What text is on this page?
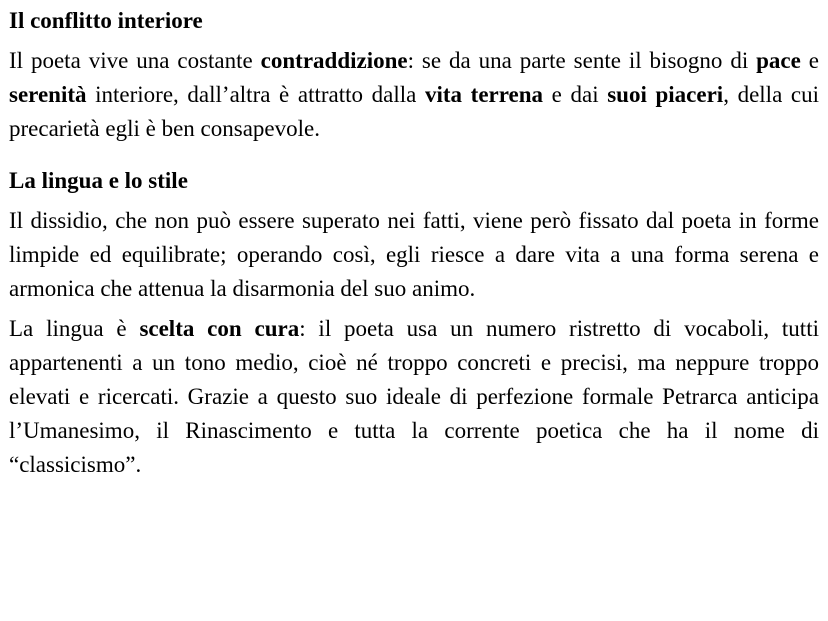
Il conflitto interiore

Il poeta vive una costante contraddizione: se da una parte sente il bisogno di pace e serenità interiore, dall’altra è attratto dalla vita terrena e dai suoi piaceri, della cui precarietà egli è ben consapevole.

La lingua e lo stile

Il dissidio, che non può essere superato nei fatti, viene però fissato dal poeta in forme limpide ed equilibrate; operando così, egli riesce a dare vita a una forma serena e armonica che attenua la disarmonia del suo animo.

La lingua è scelta con cura: il poeta usa un numero ristretto di vocaboli, tutti appartenenti a un tono medio, cioè né troppo concreti e precisi, ma neppure troppo elevati e ricercati. Grazie a questo suo ideale di perfezione formale Petrarca anticipa l’Umanesimo, il Rinascimento e tutta la corrente poetica che ha il nome di “classicismo”.
